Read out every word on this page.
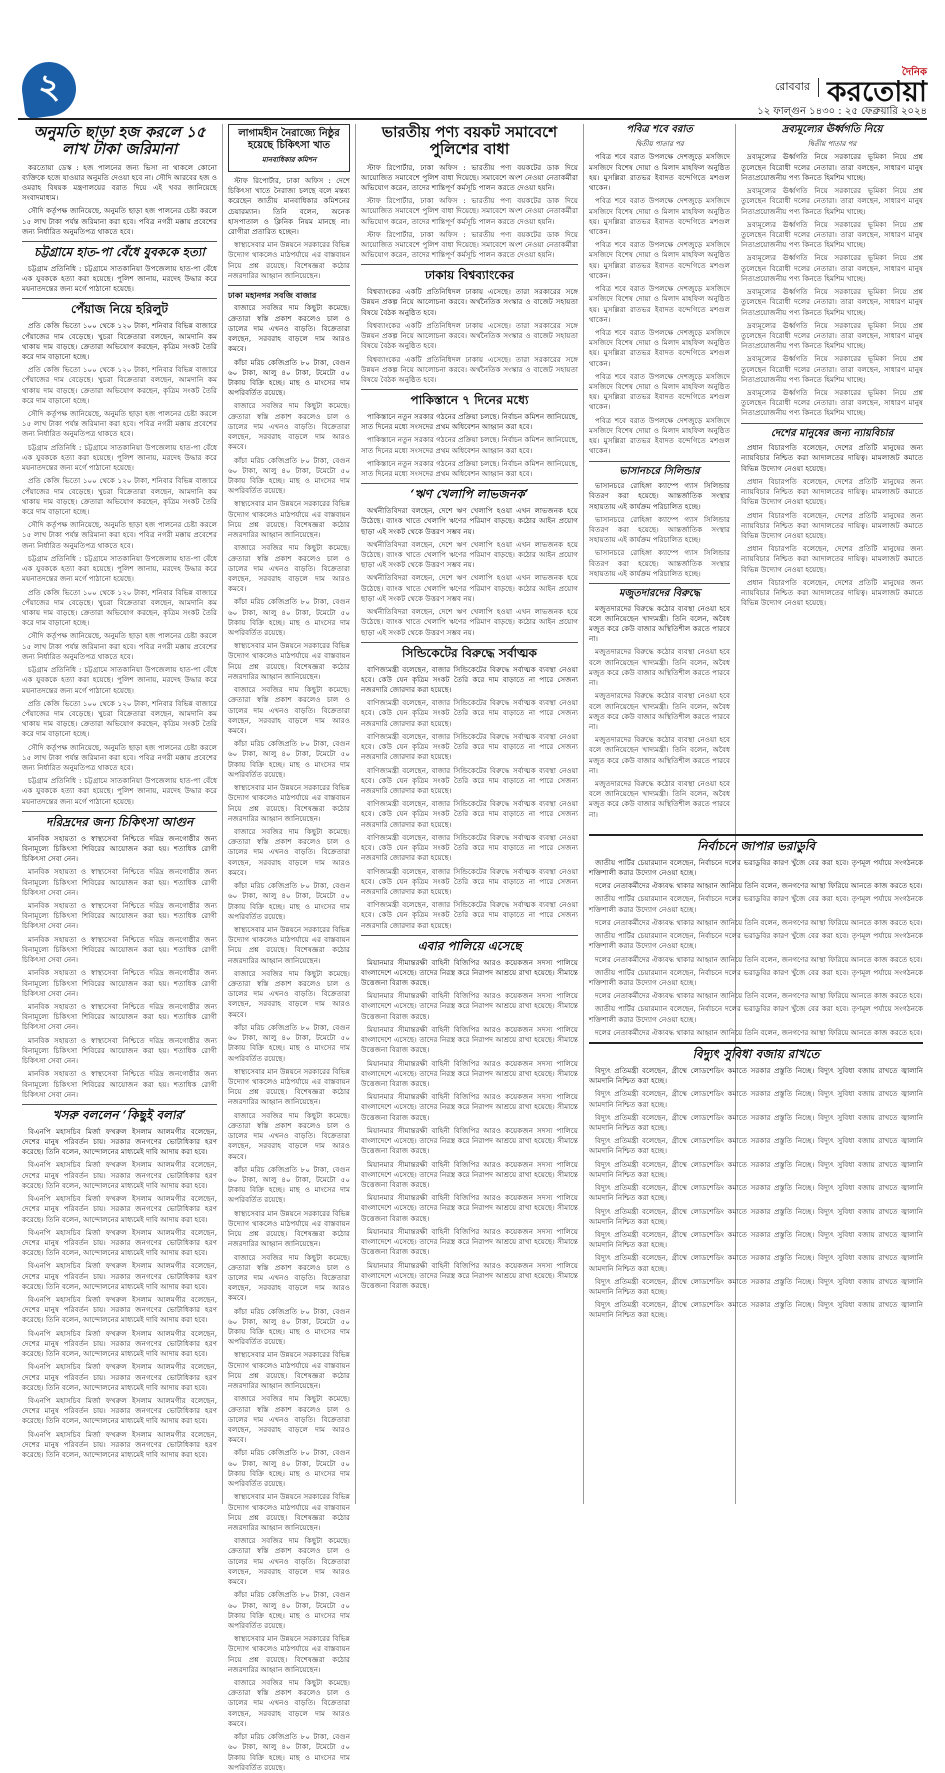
২	রোববার
দৈনিক
করতোয়া
১২ ফাল্গুন ১৪৩০ : ২৫ ফেব্রুয়ারি ২০২৪
অনুমতি ছাড়া হজ করলে ১৫ লাখ টাকা জরিমানা

করতোয়া ডেস্ক : হজ পালনের জন্য ভিসা না থাকলে কোনো ব্যক্তিকে হজে যাওয়ার অনুমতি দেওয়া হবে না। সৌদি আরবের হজ ও ওমরাহ বিষয়ক মন্ত্রণালয়ের বরাত দিয়ে এই খবর জানিয়েছে সংবাদমাধ্যম।

সৌদি কর্তৃপক্ষ জানিয়েছে, অনুমতি ছাড়া হজ পালনের চেষ্টা করলে ১৫ লাখ টাকা পর্যন্ত জরিমানা করা হবে। পবিত্র নগরী মক্কায় প্রবেশের জন্য নির্ধারিত অনুমতিপত্র থাকতে হবে।

চট্টগ্রামে হাত-পা বেঁধে যুবককে হত্যা

চট্টগ্রাম প্রতিনিধি : চট্টগ্রামে সাতকানিয়া উপজেলায় হাত-পা বেঁধে এক যুবককে হত্যা করা হয়েছে। পুলিশ জানায়, মরদেহ উদ্ধার করে ময়নাতদন্তের জন্য মর্গে পাঠানো হয়েছে।

পেঁয়াজ নিয়ে হরিলুট

প্রতি কেজি ভিতো ১০০ থেকে ১২০ টাকা, শনিবার বিভিন্ন বাজারে পেঁয়াজের দাম বেড়েছে। খুচরা বিক্রেতারা বলছেন, আমদানি কম থাকায় দাম বাড়ছে। ক্রেতারা অভিযোগ করছেন, কৃত্রিম সংকট তৈরি করে দাম বাড়ানো হচ্ছে।

প্রতি কেজি ভিতো ১০০ থেকে ১২০ টাকা, শনিবার বিভিন্ন বাজারে পেঁয়াজের দাম বেড়েছে। খুচরা বিক্রেতারা বলছেন, আমদানি কম থাকায় দাম বাড়ছে। ক্রেতারা অভিযোগ করছেন, কৃত্রিম সংকট তৈরি করে দাম বাড়ানো হচ্ছে।

সৌদি কর্তৃপক্ষ জানিয়েছে, অনুমতি ছাড়া হজ পালনের চেষ্টা করলে ১৫ লাখ টাকা পর্যন্ত জরিমানা করা হবে। পবিত্র নগরী মক্কায় প্রবেশের জন্য নির্ধারিত অনুমতিপত্র থাকতে হবে।

চট্টগ্রাম প্রতিনিধি : চট্টগ্রামে সাতকানিয়া উপজেলায় হাত-পা বেঁধে এক যুবককে হত্যা করা হয়েছে। পুলিশ জানায়, মরদেহ উদ্ধার করে ময়নাতদন্তের জন্য মর্গে পাঠানো হয়েছে।

প্রতি কেজি ভিতো ১০০ থেকে ১২০ টাকা, শনিবার বিভিন্ন বাজারে পেঁয়াজের দাম বেড়েছে। খুচরা বিক্রেতারা বলছেন, আমদানি কম থাকায় দাম বাড়ছে। ক্রেতারা অভিযোগ করছেন, কৃত্রিম সংকট তৈরি করে দাম বাড়ানো হচ্ছে।

সৌদি কর্তৃপক্ষ জানিয়েছে, অনুমতি ছাড়া হজ পালনের চেষ্টা করলে ১৫ লাখ টাকা পর্যন্ত জরিমানা করা হবে। পবিত্র নগরী মক্কায় প্রবেশের জন্য নির্ধারিত অনুমতিপত্র থাকতে হবে।

চট্টগ্রাম প্রতিনিধি : চট্টগ্রামে সাতকানিয়া উপজেলায় হাত-পা বেঁধে এক যুবককে হত্যা করা হয়েছে। পুলিশ জানায়, মরদেহ উদ্ধার করে ময়নাতদন্তের জন্য মর্গে পাঠানো হয়েছে।

প্রতি কেজি ভিতো ১০০ থেকে ১২০ টাকা, শনিবার বিভিন্ন বাজারে পেঁয়াজের দাম বেড়েছে। খুচরা বিক্রেতারা বলছেন, আমদানি কম থাকায় দাম বাড়ছে। ক্রেতারা অভিযোগ করছেন, কৃত্রিম সংকট তৈরি করে দাম বাড়ানো হচ্ছে।

সৌদি কর্তৃপক্ষ জানিয়েছে, অনুমতি ছাড়া হজ পালনের চেষ্টা করলে ১৫ লাখ টাকা পর্যন্ত জরিমানা করা হবে। পবিত্র নগরী মক্কায় প্রবেশের জন্য নির্ধারিত অনুমতিপত্র থাকতে হবে।

চট্টগ্রাম প্রতিনিধি : চট্টগ্রামে সাতকানিয়া উপজেলায় হাত-পা বেঁধে এক যুবককে হত্যা করা হয়েছে। পুলিশ জানায়, মরদেহ উদ্ধার করে ময়নাতদন্তের জন্য মর্গে পাঠানো হয়েছে।

প্রতি কেজি ভিতো ১০০ থেকে ১২০ টাকা, শনিবার বিভিন্ন বাজারে পেঁয়াজের দাম বেড়েছে। খুচরা বিক্রেতারা বলছেন, আমদানি কম থাকায় দাম বাড়ছে। ক্রেতারা অভিযোগ করছেন, কৃত্রিম সংকট তৈরি করে দাম বাড়ানো হচ্ছে।

সৌদি কর্তৃপক্ষ জানিয়েছে, অনুমতি ছাড়া হজ পালনের চেষ্টা করলে ১৫ লাখ টাকা পর্যন্ত জরিমানা করা হবে। পবিত্র নগরী মক্কায় প্রবেশের জন্য নির্ধারিত অনুমতিপত্র থাকতে হবে।

চট্টগ্রাম প্রতিনিধি : চট্টগ্রামে সাতকানিয়া উপজেলায় হাত-পা বেঁধে এক যুবককে হত্যা করা হয়েছে। পুলিশ জানায়, মরদেহ উদ্ধার করে ময়নাতদন্তের জন্য মর্গে পাঠানো হয়েছে।

দরিদ্রদের জন্য চিকিৎসা আগুন

মানবিক সহায়তা ও স্বাস্থ্যসেবা নিশ্চিতে দরিদ্র জনগোষ্ঠীর জন্য বিনামূল্যে চিকিৎসা শিবিরের আয়োজন করা হয়। শতাধিক রোগী চিকিৎসা সেবা নেন।

মানবিক সহায়তা ও স্বাস্থ্যসেবা নিশ্চিতে দরিদ্র জনগোষ্ঠীর জন্য বিনামূল্যে চিকিৎসা শিবিরের আয়োজন করা হয়। শতাধিক রোগী চিকিৎসা সেবা নেন।

মানবিক সহায়তা ও স্বাস্থ্যসেবা নিশ্চিতে দরিদ্র জনগোষ্ঠীর জন্য বিনামূল্যে চিকিৎসা শিবিরের আয়োজন করা হয়। শতাধিক রোগী চিকিৎসা সেবা নেন।

মানবিক সহায়তা ও স্বাস্থ্যসেবা নিশ্চিতে দরিদ্র জনগোষ্ঠীর জন্য বিনামূল্যে চিকিৎসা শিবিরের আয়োজন করা হয়। শতাধিক রোগী চিকিৎসা সেবা নেন।

মানবিক সহায়তা ও স্বাস্থ্যসেবা নিশ্চিতে দরিদ্র জনগোষ্ঠীর জন্য বিনামূল্যে চিকিৎসা শিবিরের আয়োজন করা হয়। শতাধিক রোগী চিকিৎসা সেবা নেন।

মানবিক সহায়তা ও স্বাস্থ্যসেবা নিশ্চিতে দরিদ্র জনগোষ্ঠীর জন্য বিনামূল্যে চিকিৎসা শিবিরের আয়োজন করা হয়। শতাধিক রোগী চিকিৎসা সেবা নেন।

মানবিক সহায়তা ও স্বাস্থ্যসেবা নিশ্চিতে দরিদ্র জনগোষ্ঠীর জন্য বিনামূল্যে চিকিৎসা শিবিরের আয়োজন করা হয়। শতাধিক রোগী চিকিৎসা সেবা নেন।

মানবিক সহায়তা ও স্বাস্থ্যসেবা নিশ্চিতে দরিদ্র জনগোষ্ঠীর জন্য বিনামূল্যে চিকিৎসা শিবিরের আয়োজন করা হয়। শতাধিক রোগী চিকিৎসা সেবা নেন।

খসরু বললেন ‘কিছুই বলার’

বিএনপি মহাসচিব মির্জা ফখরুল ইসলাম আলমগীর বলেছেন, দেশের মানুষ পরিবর্তন চায়। সরকার জনগণের ভোটাধিকার হরণ করেছে। তিনি বলেন, আন্দোলনের মাধ্যমেই দাবি আদায় করা হবে।

বিএনপি মহাসচিব মির্জা ফখরুল ইসলাম আলমগীর বলেছেন, দেশের মানুষ পরিবর্তন চায়। সরকার জনগণের ভোটাধিকার হরণ করেছে। তিনি বলেন, আন্দোলনের মাধ্যমেই দাবি আদায় করা হবে।

বিএনপি মহাসচিব মির্জা ফখরুল ইসলাম আলমগীর বলেছেন, দেশের মানুষ পরিবর্তন চায়। সরকার জনগণের ভোটাধিকার হরণ করেছে। তিনি বলেন, আন্দোলনের মাধ্যমেই দাবি আদায় করা হবে।

বিএনপি মহাসচিব মির্জা ফখরুল ইসলাম আলমগীর বলেছেন, দেশের মানুষ পরিবর্তন চায়। সরকার জনগণের ভোটাধিকার হরণ করেছে। তিনি বলেন, আন্দোলনের মাধ্যমেই দাবি আদায় করা হবে।

বিএনপি মহাসচিব মির্জা ফখরুল ইসলাম আলমগীর বলেছেন, দেশের মানুষ পরিবর্তন চায়। সরকার জনগণের ভোটাধিকার হরণ করেছে। তিনি বলেন, আন্দোলনের মাধ্যমেই দাবি আদায় করা হবে।

বিএনপি মহাসচিব মির্জা ফখরুল ইসলাম আলমগীর বলেছেন, দেশের মানুষ পরিবর্তন চায়। সরকার জনগণের ভোটাধিকার হরণ করেছে। তিনি বলেন, আন্দোলনের মাধ্যমেই দাবি আদায় করা হবে।

বিএনপি মহাসচিব মির্জা ফখরুল ইসলাম আলমগীর বলেছেন, দেশের মানুষ পরিবর্তন চায়। সরকার জনগণের ভোটাধিকার হরণ করেছে। তিনি বলেন, আন্দোলনের মাধ্যমেই দাবি আদায় করা হবে।

বিএনপি মহাসচিব মির্জা ফখরুল ইসলাম আলমগীর বলেছেন, দেশের মানুষ পরিবর্তন চায়। সরকার জনগণের ভোটাধিকার হরণ করেছে। তিনি বলেন, আন্দোলনের মাধ্যমেই দাবি আদায় করা হবে।

বিএনপি মহাসচিব মির্জা ফখরুল ইসলাম আলমগীর বলেছেন, দেশের মানুষ পরিবর্তন চায়। সরকার জনগণের ভোটাধিকার হরণ করেছে। তিনি বলেন, আন্দোলনের মাধ্যমেই দাবি আদায় করা হবে।

বিএনপি মহাসচিব মির্জা ফখরুল ইসলাম আলমগীর বলেছেন, দেশের মানুষ পরিবর্তন চায়। সরকার জনগণের ভোটাধিকার হরণ করেছে। তিনি বলেন, আন্দোলনের মাধ্যমেই দাবি আদায় করা হবে।

লাগামহীন নৈরাজ্যে নিষ্ঠুর হয়েছে চিকিৎসা খাত
মানবাধিকার কমিশন

স্টাফ রিপোর্টার, ঢাকা অফিস : দেশে চিকিৎসা খাতে নৈরাজ্য চলছে বলে মন্তব্য করেছেন জাতীয় মানবাধিকার কমিশনের চেয়ারম্যান। তিনি বলেন, অনেক হাসপাতাল ও ক্লিনিক নিয়ম মানছে না। রোগীরা প্রতারিত হচ্ছেন।

স্বাস্থ্যসেবার মান উন্নয়নে সরকারের বিভিন্ন উদ্যোগ থাকলেও মাঠপর্যায়ে এর বাস্তবায়ন নিয়ে প্রশ্ন রয়েছে। বিশেষজ্ঞরা কঠোর নজরদারির আহ্বান জানিয়েছেন।

ঢাকা মহানগর সবজি বাজার

বাজারে সবজির দাম কিছুটা কমেছে। ক্রেতারা স্বস্তি প্রকাশ করলেও চাল ও ডালের দাম এখনও বাড়তি। বিক্রেতারা বলছেন, সরবরাহ বাড়লে দাম আরও কমবে।

কাঁচা মরিচ কেজিপ্রতি ৮০ টাকা, বেগুন ৬০ টাকা, আলু ৪০ টাকা, টমেটো ৫০ টাকায় বিক্রি হচ্ছে। মাছ ও মাংসের দাম অপরিবর্তিত রয়েছে।

বাজারে সবজির দাম কিছুটা কমেছে। ক্রেতারা স্বস্তি প্রকাশ করলেও চাল ও ডালের দাম এখনও বাড়তি। বিক্রেতারা বলছেন, সরবরাহ বাড়লে দাম আরও কমবে।

কাঁচা মরিচ কেজিপ্রতি ৮০ টাকা, বেগুন ৬০ টাকা, আলু ৪০ টাকা, টমেটো ৫০ টাকায় বিক্রি হচ্ছে। মাছ ও মাংসের দাম অপরিবর্তিত রয়েছে।

স্বাস্থ্যসেবার মান উন্নয়নে সরকারের বিভিন্ন উদ্যোগ থাকলেও মাঠপর্যায়ে এর বাস্তবায়ন নিয়ে প্রশ্ন রয়েছে। বিশেষজ্ঞরা কঠোর নজরদারির আহ্বান জানিয়েছেন।

বাজারে সবজির দাম কিছুটা কমেছে। ক্রেতারা স্বস্তি প্রকাশ করলেও চাল ও ডালের দাম এখনও বাড়তি। বিক্রেতারা বলছেন, সরবরাহ বাড়লে দাম আরও কমবে।

কাঁচা মরিচ কেজিপ্রতি ৮০ টাকা, বেগুন ৬০ টাকা, আলু ৪০ টাকা, টমেটো ৫০ টাকায় বিক্রি হচ্ছে। মাছ ও মাংসের দাম অপরিবর্তিত রয়েছে।

স্বাস্থ্যসেবার মান উন্নয়নে সরকারের বিভিন্ন উদ্যোগ থাকলেও মাঠপর্যায়ে এর বাস্তবায়ন নিয়ে প্রশ্ন রয়েছে। বিশেষজ্ঞরা কঠোর নজরদারির আহ্বান জানিয়েছেন।

বাজারে সবজির দাম কিছুটা কমেছে। ক্রেতারা স্বস্তি প্রকাশ করলেও চাল ও ডালের দাম এখনও বাড়তি। বিক্রেতারা বলছেন, সরবরাহ বাড়লে দাম আরও কমবে।

কাঁচা মরিচ কেজিপ্রতি ৮০ টাকা, বেগুন ৬০ টাকা, আলু ৪০ টাকা, টমেটো ৫০ টাকায় বিক্রি হচ্ছে। মাছ ও মাংসের দাম অপরিবর্তিত রয়েছে।

স্বাস্থ্যসেবার মান উন্নয়নে সরকারের বিভিন্ন উদ্যোগ থাকলেও মাঠপর্যায়ে এর বাস্তবায়ন নিয়ে প্রশ্ন রয়েছে। বিশেষজ্ঞরা কঠোর নজরদারির আহ্বান জানিয়েছেন।

বাজারে সবজির দাম কিছুটা কমেছে। ক্রেতারা স্বস্তি প্রকাশ করলেও চাল ও ডালের দাম এখনও বাড়তি। বিক্রেতারা বলছেন, সরবরাহ বাড়লে দাম আরও কমবে।

কাঁচা মরিচ কেজিপ্রতি ৮০ টাকা, বেগুন ৬০ টাকা, আলু ৪০ টাকা, টমেটো ৫০ টাকায় বিক্রি হচ্ছে। মাছ ও মাংসের দাম অপরিবর্তিত রয়েছে।

স্বাস্থ্যসেবার মান উন্নয়নে সরকারের বিভিন্ন উদ্যোগ থাকলেও মাঠপর্যায়ে এর বাস্তবায়ন নিয়ে প্রশ্ন রয়েছে। বিশেষজ্ঞরা কঠোর নজরদারির আহ্বান জানিয়েছেন।

বাজারে সবজির দাম কিছুটা কমেছে। ক্রেতারা স্বস্তি প্রকাশ করলেও চাল ও ডালের দাম এখনও বাড়তি। বিক্রেতারা বলছেন, সরবরাহ বাড়লে দাম আরও কমবে।

কাঁচা মরিচ কেজিপ্রতি ৮০ টাকা, বেগুন ৬০ টাকা, আলু ৪০ টাকা, টমেটো ৫০ টাকায় বিক্রি হচ্ছে। মাছ ও মাংসের দাম অপরিবর্তিত রয়েছে।

স্বাস্থ্যসেবার মান উন্নয়নে সরকারের বিভিন্ন উদ্যোগ থাকলেও মাঠপর্যায়ে এর বাস্তবায়ন নিয়ে প্রশ্ন রয়েছে। বিশেষজ্ঞরা কঠোর নজরদারির আহ্বান জানিয়েছেন।

বাজারে সবজির দাম কিছুটা কমেছে। ক্রেতারা স্বস্তি প্রকাশ করলেও চাল ও ডালের দাম এখনও বাড়তি। বিক্রেতারা বলছেন, সরবরাহ বাড়লে দাম আরও কমবে।

কাঁচা মরিচ কেজিপ্রতি ৮০ টাকা, বেগুন ৬০ টাকা, আলু ৪০ টাকা, টমেটো ৫০ টাকায় বিক্রি হচ্ছে। মাছ ও মাংসের দাম অপরিবর্তিত রয়েছে।

স্বাস্থ্যসেবার মান উন্নয়নে সরকারের বিভিন্ন উদ্যোগ থাকলেও মাঠপর্যায়ে এর বাস্তবায়ন নিয়ে প্রশ্ন রয়েছে। বিশেষজ্ঞরা কঠোর নজরদারির আহ্বান জানিয়েছেন।

বাজারে সবজির দাম কিছুটা কমেছে। ক্রেতারা স্বস্তি প্রকাশ করলেও চাল ও ডালের দাম এখনও বাড়তি। বিক্রেতারা বলছেন, সরবরাহ বাড়লে দাম আরও কমবে।

কাঁচা মরিচ কেজিপ্রতি ৮০ টাকা, বেগুন ৬০ টাকা, আলু ৪০ টাকা, টমেটো ৫০ টাকায় বিক্রি হচ্ছে। মাছ ও মাংসের দাম অপরিবর্তিত রয়েছে।

স্বাস্থ্যসেবার মান উন্নয়নে সরকারের বিভিন্ন উদ্যোগ থাকলেও মাঠপর্যায়ে এর বাস্তবায়ন নিয়ে প্রশ্ন রয়েছে। বিশেষজ্ঞরা কঠোর নজরদারির আহ্বান জানিয়েছেন।

বাজারে সবজির দাম কিছুটা কমেছে। ক্রেতারা স্বস্তি প্রকাশ করলেও চাল ও ডালের দাম এখনও বাড়তি। বিক্রেতারা বলছেন, সরবরাহ বাড়লে দাম আরও কমবে।

কাঁচা মরিচ কেজিপ্রতি ৮০ টাকা, বেগুন ৬০ টাকা, আলু ৪০ টাকা, টমেটো ৫০ টাকায় বিক্রি হচ্ছে। মাছ ও মাংসের দাম অপরিবর্তিত রয়েছে।

স্বাস্থ্যসেবার মান উন্নয়নে সরকারের বিভিন্ন উদ্যোগ থাকলেও মাঠপর্যায়ে এর বাস্তবায়ন নিয়ে প্রশ্ন রয়েছে। বিশেষজ্ঞরা কঠোর নজরদারির আহ্বান জানিয়েছেন।

বাজারে সবজির দাম কিছুটা কমেছে। ক্রেতারা স্বস্তি প্রকাশ করলেও চাল ও ডালের দাম এখনও বাড়তি। বিক্রেতারা বলছেন, সরবরাহ বাড়লে দাম আরও কমবে।

কাঁচা মরিচ কেজিপ্রতি ৮০ টাকা, বেগুন ৬০ টাকা, আলু ৪০ টাকা, টমেটো ৫০ টাকায় বিক্রি হচ্ছে। মাছ ও মাংসের দাম অপরিবর্তিত রয়েছে।

স্বাস্থ্যসেবার মান উন্নয়নে সরকারের বিভিন্ন উদ্যোগ থাকলেও মাঠপর্যায়ে এর বাস্তবায়ন নিয়ে প্রশ্ন রয়েছে। বিশেষজ্ঞরা কঠোর নজরদারির আহ্বান জানিয়েছেন।

বাজারে সবজির দাম কিছুটা কমেছে। ক্রেতারা স্বস্তি প্রকাশ করলেও চাল ও ডালের দাম এখনও বাড়তি। বিক্রেতারা বলছেন, সরবরাহ বাড়লে দাম আরও কমবে।

কাঁচা মরিচ কেজিপ্রতি ৮০ টাকা, বেগুন ৬০ টাকা, আলু ৪০ টাকা, টমেটো ৫০ টাকায় বিক্রি হচ্ছে। মাছ ও মাংসের দাম অপরিবর্তিত রয়েছে।

ভারতীয় পণ্য বয়কট সমাবেশে পুলিশের বাধা

স্টাফ রিপোর্টার, ঢাকা অফিস : ভারতীয় পণ্য বয়কটের ডাক দিয়ে আয়োজিত সমাবেশে পুলিশ বাধা দিয়েছে। সমাবেশে অংশ নেওয়া নেতাকর্মীরা অভিযোগ করেন, তাদের শান্তিপূর্ণ কর্মসূচি পালন করতে দেওয়া হয়নি।

স্টাফ রিপোর্টার, ঢাকা অফিস : ভারতীয় পণ্য বয়কটের ডাক দিয়ে আয়োজিত সমাবেশে পুলিশ বাধা দিয়েছে। সমাবেশে অংশ নেওয়া নেতাকর্মীরা অভিযোগ করেন, তাদের শান্তিপূর্ণ কর্মসূচি পালন করতে দেওয়া হয়নি।

স্টাফ রিপোর্টার, ঢাকা অফিস : ভারতীয় পণ্য বয়কটের ডাক দিয়ে আয়োজিত সমাবেশে পুলিশ বাধা দিয়েছে। সমাবেশে অংশ নেওয়া নেতাকর্মীরা অভিযোগ করেন, তাদের শান্তিপূর্ণ কর্মসূচি পালন করতে দেওয়া হয়নি।

ঢাকায় বিশ্বব্যাংকের

বিশ্বব্যাংকের একটি প্রতিনিধিদল ঢাকায় এসেছে। তারা সরকারের সঙ্গে উন্নয়ন প্রকল্প নিয়ে আলোচনা করবে। অর্থনৈতিক সংস্কার ও বাজেট সহায়তা বিষয়ে বৈঠক অনুষ্ঠিত হবে।

বিশ্বব্যাংকের একটি প্রতিনিধিদল ঢাকায় এসেছে। তারা সরকারের সঙ্গে উন্নয়ন প্রকল্প নিয়ে আলোচনা করবে। অর্থনৈতিক সংস্কার ও বাজেট সহায়তা বিষয়ে বৈঠক অনুষ্ঠিত হবে।

বিশ্বব্যাংকের একটি প্রতিনিধিদল ঢাকায় এসেছে। তারা সরকারের সঙ্গে উন্নয়ন প্রকল্প নিয়ে আলোচনা করবে। অর্থনৈতিক সংস্কার ও বাজেট সহায়তা বিষয়ে বৈঠক অনুষ্ঠিত হবে।

পাকিস্তানে ৭ দিনের মধ্যে

পাকিস্তানে নতুন সরকার গঠনের প্রক্রিয়া চলছে। নির্বাচন কমিশন জানিয়েছে, সাত দিনের মধ্যে সংসদের প্রথম অধিবেশন আহ্বান করা হবে।

পাকিস্তানে নতুন সরকার গঠনের প্রক্রিয়া চলছে। নির্বাচন কমিশন জানিয়েছে, সাত দিনের মধ্যে সংসদের প্রথম অধিবেশন আহ্বান করা হবে।

পাকিস্তানে নতুন সরকার গঠনের প্রক্রিয়া চলছে। নির্বাচন কমিশন জানিয়েছে, সাত দিনের মধ্যে সংসদের প্রথম অধিবেশন আহ্বান করা হবে।

‘ঋণ খেলাপি লাভজনক’

অর্থনীতিবিদরা বলছেন, দেশে ঋণ খেলাপি হওয়া এখন লাভজনক হয়ে উঠেছে। ব্যাংক খাতে খেলাপি ঋণের পরিমাণ বাড়ছে। কঠোর আইন প্রয়োগ ছাড়া এই সংকট থেকে উত্তরণ সম্ভব নয়।

অর্থনীতিবিদরা বলছেন, দেশে ঋণ খেলাপি হওয়া এখন লাভজনক হয়ে উঠেছে। ব্যাংক খাতে খেলাপি ঋণের পরিমাণ বাড়ছে। কঠোর আইন প্রয়োগ ছাড়া এই সংকট থেকে উত্তরণ সম্ভব নয়।

অর্থনীতিবিদরা বলছেন, দেশে ঋণ খেলাপি হওয়া এখন লাভজনক হয়ে উঠেছে। ব্যাংক খাতে খেলাপি ঋণের পরিমাণ বাড়ছে। কঠোর আইন প্রয়োগ ছাড়া এই সংকট থেকে উত্তরণ সম্ভব নয়।

অর্থনীতিবিদরা বলছেন, দেশে ঋণ খেলাপি হওয়া এখন লাভজনক হয়ে উঠেছে। ব্যাংক খাতে খেলাপি ঋণের পরিমাণ বাড়ছে। কঠোর আইন প্রয়োগ ছাড়া এই সংকট থেকে উত্তরণ সম্ভব নয়।

সিন্ডিকেটের বিরুদ্ধে সর্বাত্মক

বাণিজ্যমন্ত্রী বলেছেন, বাজার সিন্ডিকেটের বিরুদ্ধে সর্বাত্মক ব্যবস্থা নেওয়া হবে। কেউ যেন কৃত্রিম সংকট তৈরি করে দাম বাড়াতে না পারে সেজন্য নজরদারি জোরদার করা হয়েছে।

বাণিজ্যমন্ত্রী বলেছেন, বাজার সিন্ডিকেটের বিরুদ্ধে সর্বাত্মক ব্যবস্থা নেওয়া হবে। কেউ যেন কৃত্রিম সংকট তৈরি করে দাম বাড়াতে না পারে সেজন্য নজরদারি জোরদার করা হয়েছে।

বাণিজ্যমন্ত্রী বলেছেন, বাজার সিন্ডিকেটের বিরুদ্ধে সর্বাত্মক ব্যবস্থা নেওয়া হবে। কেউ যেন কৃত্রিম সংকট তৈরি করে দাম বাড়াতে না পারে সেজন্য নজরদারি জোরদার করা হয়েছে।

বাণিজ্যমন্ত্রী বলেছেন, বাজার সিন্ডিকেটের বিরুদ্ধে সর্বাত্মক ব্যবস্থা নেওয়া হবে। কেউ যেন কৃত্রিম সংকট তৈরি করে দাম বাড়াতে না পারে সেজন্য নজরদারি জোরদার করা হয়েছে।

বাণিজ্যমন্ত্রী বলেছেন, বাজার সিন্ডিকেটের বিরুদ্ধে সর্বাত্মক ব্যবস্থা নেওয়া হবে। কেউ যেন কৃত্রিম সংকট তৈরি করে দাম বাড়াতে না পারে সেজন্য নজরদারি জোরদার করা হয়েছে।

বাণিজ্যমন্ত্রী বলেছেন, বাজার সিন্ডিকেটের বিরুদ্ধে সর্বাত্মক ব্যবস্থা নেওয়া হবে। কেউ যেন কৃত্রিম সংকট তৈরি করে দাম বাড়াতে না পারে সেজন্য নজরদারি জোরদার করা হয়েছে।

বাণিজ্যমন্ত্রী বলেছেন, বাজার সিন্ডিকেটের বিরুদ্ধে সর্বাত্মক ব্যবস্থা নেওয়া হবে। কেউ যেন কৃত্রিম সংকট তৈরি করে দাম বাড়াতে না পারে সেজন্য নজরদারি জোরদার করা হয়েছে।

বাণিজ্যমন্ত্রী বলেছেন, বাজার সিন্ডিকেটের বিরুদ্ধে সর্বাত্মক ব্যবস্থা নেওয়া হবে। কেউ যেন কৃত্রিম সংকট তৈরি করে দাম বাড়াতে না পারে সেজন্য নজরদারি জোরদার করা হয়েছে।

এবার পালিয়ে এসেছে

মিয়ানমার সীমান্তরক্ষী বাহিনী বিজিপির আরও কয়েকজন সদস্য পালিয়ে বাংলাদেশে এসেছে। তাদের নিরস্ত্র করে নিরাপদ আশ্রয়ে রাখা হয়েছে। সীমান্তে উত্তেজনা বিরাজ করছে।

মিয়ানমার সীমান্তরক্ষী বাহিনী বিজিপির আরও কয়েকজন সদস্য পালিয়ে বাংলাদেশে এসেছে। তাদের নিরস্ত্র করে নিরাপদ আশ্রয়ে রাখা হয়েছে। সীমান্তে উত্তেজনা বিরাজ করছে।

মিয়ানমার সীমান্তরক্ষী বাহিনী বিজিপির আরও কয়েকজন সদস্য পালিয়ে বাংলাদেশে এসেছে। তাদের নিরস্ত্র করে নিরাপদ আশ্রয়ে রাখা হয়েছে। সীমান্তে উত্তেজনা বিরাজ করছে।

মিয়ানমার সীমান্তরক্ষী বাহিনী বিজিপির আরও কয়েকজন সদস্য পালিয়ে বাংলাদেশে এসেছে। তাদের নিরস্ত্র করে নিরাপদ আশ্রয়ে রাখা হয়েছে। সীমান্তে উত্তেজনা বিরাজ করছে।

মিয়ানমার সীমান্তরক্ষী বাহিনী বিজিপির আরও কয়েকজন সদস্য পালিয়ে বাংলাদেশে এসেছে। তাদের নিরস্ত্র করে নিরাপদ আশ্রয়ে রাখা হয়েছে। সীমান্তে উত্তেজনা বিরাজ করছে।

মিয়ানমার সীমান্তরক্ষী বাহিনী বিজিপির আরও কয়েকজন সদস্য পালিয়ে বাংলাদেশে এসেছে। তাদের নিরস্ত্র করে নিরাপদ আশ্রয়ে রাখা হয়েছে। সীমান্তে উত্তেজনা বিরাজ করছে।

মিয়ানমার সীমান্তরক্ষী বাহিনী বিজিপির আরও কয়েকজন সদস্য পালিয়ে বাংলাদেশে এসেছে। তাদের নিরস্ত্র করে নিরাপদ আশ্রয়ে রাখা হয়েছে। সীমান্তে উত্তেজনা বিরাজ করছে।

মিয়ানমার সীমান্তরক্ষী বাহিনী বিজিপির আরও কয়েকজন সদস্য পালিয়ে বাংলাদেশে এসেছে। তাদের নিরস্ত্র করে নিরাপদ আশ্রয়ে রাখা হয়েছে। সীমান্তে উত্তেজনা বিরাজ করছে।

মিয়ানমার সীমান্তরক্ষী বাহিনী বিজিপির আরও কয়েকজন সদস্য পালিয়ে বাংলাদেশে এসেছে। তাদের নিরস্ত্র করে নিরাপদ আশ্রয়ে রাখা হয়েছে। সীমান্তে উত্তেজনা বিরাজ করছে।

মিয়ানমার সীমান্তরক্ষী বাহিনী বিজিপির আরও কয়েকজন সদস্য পালিয়ে বাংলাদেশে এসেছে। তাদের নিরস্ত্র করে নিরাপদ আশ্রয়ে রাখা হয়েছে। সীমান্তে উত্তেজনা বিরাজ করছে।

পবিত্র শবে বরাত
দ্বিতীয় পাতার পর

পবিত্র শবে বরাত উপলক্ষে দেশজুড়ে মসজিদে মসজিদে বিশেষ দোয়া ও মিলাদ মাহফিল অনুষ্ঠিত হয়। মুসল্লিরা রাতভর ইবাদত বন্দেগিতে মশগুল থাকেন।

পবিত্র শবে বরাত উপলক্ষে দেশজুড়ে মসজিদে মসজিদে বিশেষ দোয়া ও মিলাদ মাহফিল অনুষ্ঠিত হয়। মুসল্লিরা রাতভর ইবাদত বন্দেগিতে মশগুল থাকেন।

পবিত্র শবে বরাত উপলক্ষে দেশজুড়ে মসজিদে মসজিদে বিশেষ দোয়া ও মিলাদ মাহফিল অনুষ্ঠিত হয়। মুসল্লিরা রাতভর ইবাদত বন্দেগিতে মশগুল থাকেন।

পবিত্র শবে বরাত উপলক্ষে দেশজুড়ে মসজিদে মসজিদে বিশেষ দোয়া ও মিলাদ মাহফিল অনুষ্ঠিত হয়। মুসল্লিরা রাতভর ইবাদত বন্দেগিতে মশগুল থাকেন।

পবিত্র শবে বরাত উপলক্ষে দেশজুড়ে মসজিদে মসজিদে বিশেষ দোয়া ও মিলাদ মাহফিল অনুষ্ঠিত হয়। মুসল্লিরা রাতভর ইবাদত বন্দেগিতে মশগুল থাকেন।

পবিত্র শবে বরাত উপলক্ষে দেশজুড়ে মসজিদে মসজিদে বিশেষ দোয়া ও মিলাদ মাহফিল অনুষ্ঠিত হয়। মুসল্লিরা রাতভর ইবাদত বন্দেগিতে মশগুল থাকেন।

পবিত্র শবে বরাত উপলক্ষে দেশজুড়ে মসজিদে মসজিদে বিশেষ দোয়া ও মিলাদ মাহফিল অনুষ্ঠিত হয়। মুসল্লিরা রাতভর ইবাদত বন্দেগিতে মশগুল থাকেন।

ভাসানচরে সিলিন্ডার

ভাসানচরে রোহিঙ্গা ক্যাম্পে গ্যাস সিলিন্ডার বিতরণ করা হয়েছে। আন্তর্জাতিক সংস্থার সহায়তায় এই কার্যক্রম পরিচালিত হচ্ছে।

ভাসানচরে রোহিঙ্গা ক্যাম্পে গ্যাস সিলিন্ডার বিতরণ করা হয়েছে। আন্তর্জাতিক সংস্থার সহায়তায় এই কার্যক্রম পরিচালিত হচ্ছে।

ভাসানচরে রোহিঙ্গা ক্যাম্পে গ্যাস সিলিন্ডার বিতরণ করা হয়েছে। আন্তর্জাতিক সংস্থার সহায়তায় এই কার্যক্রম পরিচালিত হচ্ছে।

মজুতদারদের বিরুদ্ধে

মজুতদারদের বিরুদ্ধে কঠোর ব্যবস্থা নেওয়া হবে বলে জানিয়েছেন খাদ্যমন্ত্রী। তিনি বলেন, অবৈধ মজুত করে কেউ বাজার অস্থিতিশীল করতে পারবে না।

মজুতদারদের বিরুদ্ধে কঠোর ব্যবস্থা নেওয়া হবে বলে জানিয়েছেন খাদ্যমন্ত্রী। তিনি বলেন, অবৈধ মজুত করে কেউ বাজার অস্থিতিশীল করতে পারবে না।

মজুতদারদের বিরুদ্ধে কঠোর ব্যবস্থা নেওয়া হবে বলে জানিয়েছেন খাদ্যমন্ত্রী। তিনি বলেন, অবৈধ মজুত করে কেউ বাজার অস্থিতিশীল করতে পারবে না।

মজুতদারদের বিরুদ্ধে কঠোর ব্যবস্থা নেওয়া হবে বলে জানিয়েছেন খাদ্যমন্ত্রী। তিনি বলেন, অবৈধ মজুত করে কেউ বাজার অস্থিতিশীল করতে পারবে না।

মজুতদারদের বিরুদ্ধে কঠোর ব্যবস্থা নেওয়া হবে বলে জানিয়েছেন খাদ্যমন্ত্রী। তিনি বলেন, অবৈধ মজুত করে কেউ বাজার অস্থিতিশীল করতে পারবে না।

দ্রব্যমূল্যের ঊর্ধ্বগতি নিয়ে
দ্বিতীয় পাতার পর

দ্রব্যমূল্যের ঊর্ধ্বগতি নিয়ে সরকারের ভূমিকা নিয়ে প্রশ্ন তুলেছেন বিরোধী দলের নেতারা। তারা বলছেন, সাধারণ মানুষ নিত্যপ্রয়োজনীয় পণ্য কিনতে হিমশিম খাচ্ছে।

দ্রব্যমূল্যের ঊর্ধ্বগতি নিয়ে সরকারের ভূমিকা নিয়ে প্রশ্ন তুলেছেন বিরোধী দলের নেতারা। তারা বলছেন, সাধারণ মানুষ নিত্যপ্রয়োজনীয় পণ্য কিনতে হিমশিম খাচ্ছে।

দ্রব্যমূল্যের ঊর্ধ্বগতি নিয়ে সরকারের ভূমিকা নিয়ে প্রশ্ন তুলেছেন বিরোধী দলের নেতারা। তারা বলছেন, সাধারণ মানুষ নিত্যপ্রয়োজনীয় পণ্য কিনতে হিমশিম খাচ্ছে।

দ্রব্যমূল্যের ঊর্ধ্বগতি নিয়ে সরকারের ভূমিকা নিয়ে প্রশ্ন তুলেছেন বিরোধী দলের নেতারা। তারা বলছেন, সাধারণ মানুষ নিত্যপ্রয়োজনীয় পণ্য কিনতে হিমশিম খাচ্ছে।

দ্রব্যমূল্যের ঊর্ধ্বগতি নিয়ে সরকারের ভূমিকা নিয়ে প্রশ্ন তুলেছেন বিরোধী দলের নেতারা। তারা বলছেন, সাধারণ মানুষ নিত্যপ্রয়োজনীয় পণ্য কিনতে হিমশিম খাচ্ছে।

দ্রব্যমূল্যের ঊর্ধ্বগতি নিয়ে সরকারের ভূমিকা নিয়ে প্রশ্ন তুলেছেন বিরোধী দলের নেতারা। তারা বলছেন, সাধারণ মানুষ নিত্যপ্রয়োজনীয় পণ্য কিনতে হিমশিম খাচ্ছে।

দ্রব্যমূল্যের ঊর্ধ্বগতি নিয়ে সরকারের ভূমিকা নিয়ে প্রশ্ন তুলেছেন বিরোধী দলের নেতারা। তারা বলছেন, সাধারণ মানুষ নিত্যপ্রয়োজনীয় পণ্য কিনতে হিমশিম খাচ্ছে।

দ্রব্যমূল্যের ঊর্ধ্বগতি নিয়ে সরকারের ভূমিকা নিয়ে প্রশ্ন তুলেছেন বিরোধী দলের নেতারা। তারা বলছেন, সাধারণ মানুষ নিত্যপ্রয়োজনীয় পণ্য কিনতে হিমশিম খাচ্ছে।

দেশের মানুষের জন্য ন্যায়বিচার

প্রধান বিচারপতি বলেছেন, দেশের প্রতিটি মানুষের জন্য ন্যায়বিচার নিশ্চিত করা আদালতের দায়িত্ব। মামলাজট কমাতে বিভিন্ন উদ্যোগ নেওয়া হয়েছে।

প্রধান বিচারপতি বলেছেন, দেশের প্রতিটি মানুষের জন্য ন্যায়বিচার নিশ্চিত করা আদালতের দায়িত্ব। মামলাজট কমাতে বিভিন্ন উদ্যোগ নেওয়া হয়েছে।

প্রধান বিচারপতি বলেছেন, দেশের প্রতিটি মানুষের জন্য ন্যায়বিচার নিশ্চিত করা আদালতের দায়িত্ব। মামলাজট কমাতে বিভিন্ন উদ্যোগ নেওয়া হয়েছে।

প্রধান বিচারপতি বলেছেন, দেশের প্রতিটি মানুষের জন্য ন্যায়বিচার নিশ্চিত করা আদালতের দায়িত্ব। মামলাজট কমাতে বিভিন্ন উদ্যোগ নেওয়া হয়েছে।

প্রধান বিচারপতি বলেছেন, দেশের প্রতিটি মানুষের জন্য ন্যায়বিচার নিশ্চিত করা আদালতের দায়িত্ব। মামলাজট কমাতে বিভিন্ন উদ্যোগ নেওয়া হয়েছে।

নির্বাচনে জাপার ভরাডুবি

জাতীয় পার্টির চেয়ারম্যান বলেছেন, নির্বাচনে দলের ভরাডুবির কারণ খুঁজে বের করা হবে। তৃণমূল পর্যায়ে সংগঠনকে শক্তিশালী করার উদ্যোগ নেওয়া হচ্ছে।

দলের নেতাকর্মীদের ঐক্যবদ্ধ থাকার আহ্বান জানিয়ে তিনি বলেন, জনগণের আস্থা ফিরিয়ে আনতে কাজ করতে হবে।

জাতীয় পার্টির চেয়ারম্যান বলেছেন, নির্বাচনে দলের ভরাডুবির কারণ খুঁজে বের করা হবে। তৃণমূল পর্যায়ে সংগঠনকে শক্তিশালী করার উদ্যোগ নেওয়া হচ্ছে।

দলের নেতাকর্মীদের ঐক্যবদ্ধ থাকার আহ্বান জানিয়ে তিনি বলেন, জনগণের আস্থা ফিরিয়ে আনতে কাজ করতে হবে।

জাতীয় পার্টির চেয়ারম্যান বলেছেন, নির্বাচনে দলের ভরাডুবির কারণ খুঁজে বের করা হবে। তৃণমূল পর্যায়ে সংগঠনকে শক্তিশালী করার উদ্যোগ নেওয়া হচ্ছে।

দলের নেতাকর্মীদের ঐক্যবদ্ধ থাকার আহ্বান জানিয়ে তিনি বলেন, জনগণের আস্থা ফিরিয়ে আনতে কাজ করতে হবে।

জাতীয় পার্টির চেয়ারম্যান বলেছেন, নির্বাচনে দলের ভরাডুবির কারণ খুঁজে বের করা হবে। তৃণমূল পর্যায়ে সংগঠনকে শক্তিশালী করার উদ্যোগ নেওয়া হচ্ছে।

দলের নেতাকর্মীদের ঐক্যবদ্ধ থাকার আহ্বান জানিয়ে তিনি বলেন, জনগণের আস্থা ফিরিয়ে আনতে কাজ করতে হবে।

জাতীয় পার্টির চেয়ারম্যান বলেছেন, নির্বাচনে দলের ভরাডুবির কারণ খুঁজে বের করা হবে। তৃণমূল পর্যায়ে সংগঠনকে শক্তিশালী করার উদ্যোগ নেওয়া হচ্ছে।

দলের নেতাকর্মীদের ঐক্যবদ্ধ থাকার আহ্বান জানিয়ে তিনি বলেন, জনগণের আস্থা ফিরিয়ে আনতে কাজ করতে হবে।

বিদ্যুৎ সুবিধা বজায় রাখতে

বিদ্যুৎ প্রতিমন্ত্রী বলেছেন, গ্রীষ্মে লোডশেডিং কমাতে সরকার প্রস্তুতি নিচ্ছে। বিদ্যুৎ সুবিধা বজায় রাখতে জ্বালানি আমদানি নিশ্চিত করা হচ্ছে।

বিদ্যুৎ প্রতিমন্ত্রী বলেছেন, গ্রীষ্মে লোডশেডিং কমাতে সরকার প্রস্তুতি নিচ্ছে। বিদ্যুৎ সুবিধা বজায় রাখতে জ্বালানি আমদানি নিশ্চিত করা হচ্ছে।

বিদ্যুৎ প্রতিমন্ত্রী বলেছেন, গ্রীষ্মে লোডশেডিং কমাতে সরকার প্রস্তুতি নিচ্ছে। বিদ্যুৎ সুবিধা বজায় রাখতে জ্বালানি আমদানি নিশ্চিত করা হচ্ছে।

বিদ্যুৎ প্রতিমন্ত্রী বলেছেন, গ্রীষ্মে লোডশেডিং কমাতে সরকার প্রস্তুতি নিচ্ছে। বিদ্যুৎ সুবিধা বজায় রাখতে জ্বালানি আমদানি নিশ্চিত করা হচ্ছে।

বিদ্যুৎ প্রতিমন্ত্রী বলেছেন, গ্রীষ্মে লোডশেডিং কমাতে সরকার প্রস্তুতি নিচ্ছে। বিদ্যুৎ সুবিধা বজায় রাখতে জ্বালানি আমদানি নিশ্চিত করা হচ্ছে।

বিদ্যুৎ প্রতিমন্ত্রী বলেছেন, গ্রীষ্মে লোডশেডিং কমাতে সরকার প্রস্তুতি নিচ্ছে। বিদ্যুৎ সুবিধা বজায় রাখতে জ্বালানি আমদানি নিশ্চিত করা হচ্ছে।

বিদ্যুৎ প্রতিমন্ত্রী বলেছেন, গ্রীষ্মে লোডশেডিং কমাতে সরকার প্রস্তুতি নিচ্ছে। বিদ্যুৎ সুবিধা বজায় রাখতে জ্বালানি আমদানি নিশ্চিত করা হচ্ছে।

বিদ্যুৎ প্রতিমন্ত্রী বলেছেন, গ্রীষ্মে লোডশেডিং কমাতে সরকার প্রস্তুতি নিচ্ছে। বিদ্যুৎ সুবিধা বজায় রাখতে জ্বালানি আমদানি নিশ্চিত করা হচ্ছে।

বিদ্যুৎ প্রতিমন্ত্রী বলেছেন, গ্রীষ্মে লোডশেডিং কমাতে সরকার প্রস্তুতি নিচ্ছে। বিদ্যুৎ সুবিধা বজায় রাখতে জ্বালানি আমদানি নিশ্চিত করা হচ্ছে।

বিদ্যুৎ প্রতিমন্ত্রী বলেছেন, গ্রীষ্মে লোডশেডিং কমাতে সরকার প্রস্তুতি নিচ্ছে। বিদ্যুৎ সুবিধা বজায় রাখতে জ্বালানি আমদানি নিশ্চিত করা হচ্ছে।

বিদ্যুৎ প্রতিমন্ত্রী বলেছেন, গ্রীষ্মে লোডশেডিং কমাতে সরকার প্রস্তুতি নিচ্ছে। বিদ্যুৎ সুবিধা বজায় রাখতে জ্বালানি আমদানি নিশ্চিত করা হচ্ছে।
